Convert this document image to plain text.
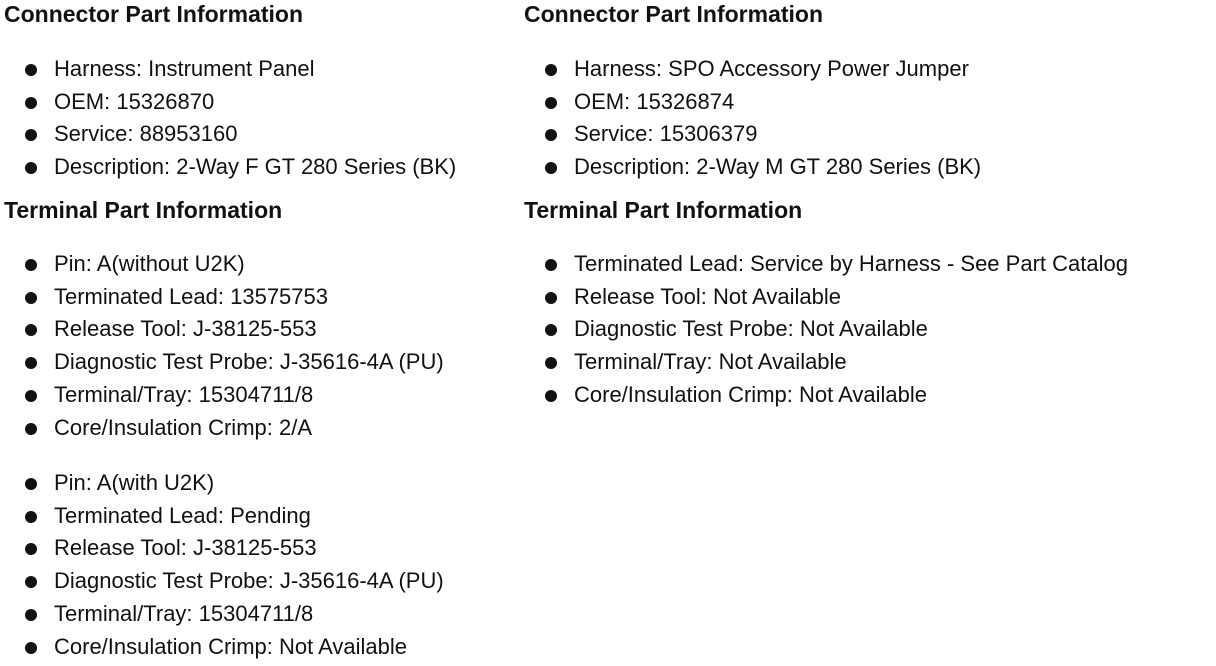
Connector Part Information
Harness: Instrument Panel
OEM: 15326870
Service: 88953160
Description: 2-Way F GT 280 Series (BK)
Terminal Part Information
Pin: A(without U2K)
Terminated Lead: 13575753
Release Tool: J-38125-553
Diagnostic Test Probe: J-35616-4A (PU)
Terminal/Tray: 15304711/8
Core/Insulation Crimp: 2/A
Pin: A(with U2K)
Terminated Lead: Pending
Release Tool: J-38125-553
Diagnostic Test Probe: J-35616-4A (PU)
Terminal/Tray: 15304711/8
Core/Insulation Crimp: Not Available
Connector Part Information
Harness: SPO Accessory Power Jumper
OEM: 15326874
Service: 15306379
Description: 2-Way M GT 280 Series (BK)
Terminal Part Information
Terminated Lead: Service by Harness - See Part Catalog
Release Tool: Not Available
Diagnostic Test Probe: Not Available
Terminal/Tray: Not Available
Core/Insulation Crimp: Not Available
